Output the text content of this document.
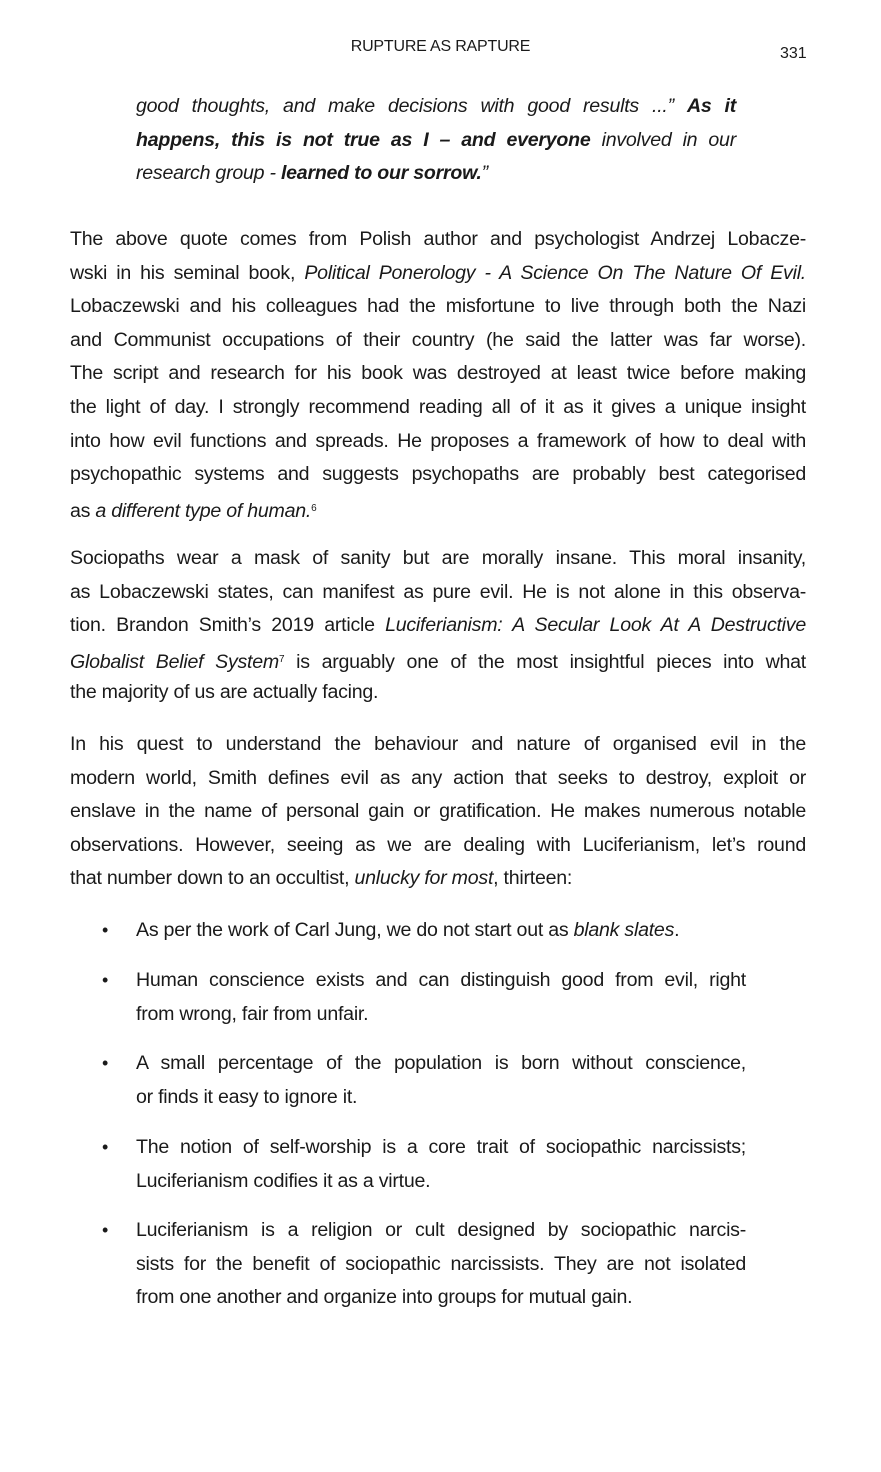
RUPTURE AS RAPTURE	331
good thoughts, and make decisions with good results ...” As it
happens, this is not true as I – and everyone involved in our
research group - learned to our sorrow.”
The above quote comes from Polish author and psychologist Andrzej Lobacze-
wski in his seminal book, Political Ponerology - A Science On The Nature Of Evil.
Lobaczewski and his colleagues had the misfortune to live through both the Nazi
and Communist occupations of their country (he said the latter was far worse).
The script and research for his book was destroyed at least twice before making
the light of day. I strongly recommend reading all of it as it gives a unique insight
into how evil functions and spreads. He proposes a framework of how to deal with
psychopathic systems and suggests psychopaths are probably best categorised
as a different type of human.$^6$
Sociopaths wear a mask of sanity but are morally insane. This moral insanity,
as Lobaczewski states, can manifest as pure evil. He is not alone in this observa-
tion. Brandon Smith’s 2019 article Luciferianism: A Secular Look At A Destructive
Globalist Belief System$^7$ is arguably one of the most insightful pieces into what
the majority of us are actually facing.
In his quest to understand the behaviour and nature of organised evil in the
modern world, Smith defines evil as any action that seeks to destroy, exploit or
enslave in the name of personal gain or gratification. He makes numerous notable
observations. However, seeing as we are dealing with Luciferianism, let’s round
that number down to an occultist, unlucky for most, thirteen:
• As per the work of Carl Jung, we do not start out as blank slates.
• Human conscience exists and can distinguish good from evil, right
from wrong, fair from unfair.
• A small percentage of the population is born without conscience,
or finds it easy to ignore it.
• The notion of self-worship is a core trait of sociopathic narcissists;
Luciferianism codifies it as a virtue.
• Luciferianism is a religion or cult designed by sociopathic narcis-
sists for the benefit of sociopathic narcissists. They are not isolated
from one another and organize into groups for mutual gain.
